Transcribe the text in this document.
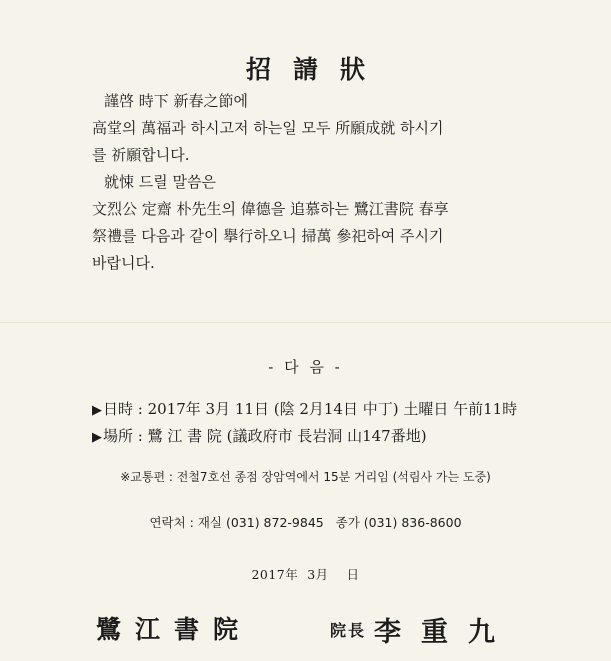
招請狀
謹啓 時下 新春之節에
高堂의 萬福과 하시고저 하는일 모두 所願成就 하시기
를 祈願합니다.
就悚 드릴 말씀은
文烈公 定齋 朴先生의 偉德을 追慕하는 鷺江書院 春享
祭禮를 다음과 같이 擧行하오니 掃萬 參祀하여 주시기
바랍니다.
- 다 음 -
▶日時 : 2017年 3月 11日 (陰 2月14日 中丁) 土曜日 午前11時
▶場所 : 鷺 江 書 院 (議政府市 長岩洞 山147番地)
※교통편 : 전철7호선 종점 장암역에서 15분 거리임 (석림사 가는 도중)
연락처 : 재실 (031) 872-9845   종가 (031) 836-8600
2017年  3月    日
鷺江書院	院長 李重九
